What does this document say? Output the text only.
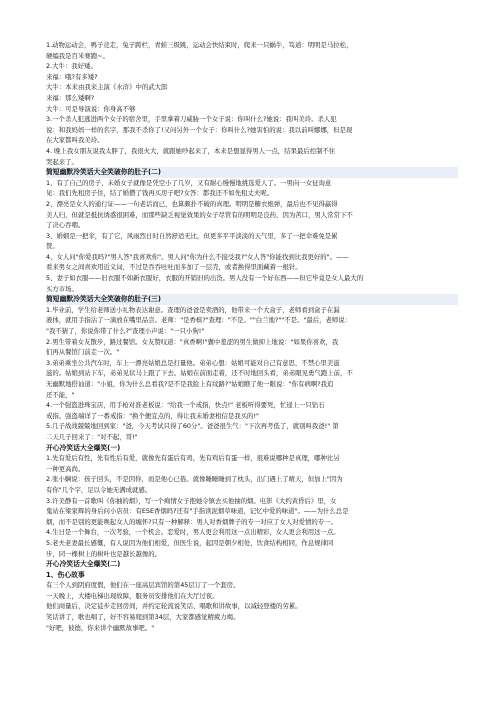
1.动物运动会，鸭子竞走，兔子跨栏，青蛙三级跳，运动会快结束时，爬来一只蜗牛，笃道：明明是马拉松，

硬编我是百米赛跑~。

2.大牛：我好矮。

来福：哦?有多矮?

大牛：本来由我来主演《水浒》中的武大郎

来福：那么矮啊?

大牛：可是导演说：你身高不够

3.一个杀人犯逃进两个女子的宿舍里，手里拿着刀威胁一个女子说：你叫什么?她说：我叫美玲。杀人犯

说：和我妈妈一样的名字，那我不杀你了!又问另外一个女子：你叫什么?她害怕的说：我以前叫娜娜，但是现

在大家都叫我美玲。

4. 晚上我女朋友说我太胖了，我很火大，就跟她吵起来了，本来是想显得男人一点，结果最后控制不住

哭起来了。

简短幽默冷笑话大全笑破你的肚子(二)

1、有了自己的房子，未婚女子就像是凭空小了几岁，又有耐心慢慢地挑选爱人了。一男向一女征询意

见：我们先租房子住，结了婚攒了钱再买房子吧?女答：都我还不如先租丈夫呢。

2、漂亮是女人的通行证——一句老话而已，也算颇扑不破的真理。明明是糖衣炮弹，最后也不见得赢得

美人归，但就是抵抗诱惑很困难，而那些缺乏视觉效果的女子尽管有的明明是良药，因为苦口，男人常常下不

了决心吞咽。

3、婚姻是一把伞，有了它，风雨烈日时自然舒适无比，但更多平平淡淡的天气里，多了一把伞难免是累

赘。

4、女人问"你爱我吗?"男人答"我喜欢你"。男人问"你为什么不接受我?"女人答"你能找到比我更好的"。——

看来男女之间喜欢用近义词，不过是吞吞吐吐而多加了一层壳，或者换得里面藏着一根针。

5、妻子如衣服——旧衣服不如新衣服好，衣服的开销旧的出货。男人没有一个好东西——但它毕竟是女人最大的

买方市场。

简短幽默冷笑话大全笑破你的肚子(三)

1.毕业前，学生给老师送小礼物表达谢意。查理的爸爸是卖酒的，他带来一个大盒子，老师看到盒子在漏

液体，就用手指沾了一滴放在嘴里品尝。老师："是香槟?"查理："不是。""白兰地?""不是。"最后，老师说：

"我不猜了，你说你带了什么?"查理小声说："一只小狗!"

2.男生带着女友散步，路过餐馆。女友赞叹道："真香啊!"囊中羞涩的男生做抑上地说："如果你喜欢，我

们再从餐馆门前走一次。"

3.弟弟乘坐公共汽车时，车上一漂亮姑娘总是打量他。弟弟心想：姑娘可能对自己有意思，不禁心里美滋

滋的。姑娘到站下车，弟弟见状马上跟了下去。姑娘在前面走着，还不时地回头看，弟弟眼见勇气跑上前，不

无幽默地搭讪道："小姐，你为什么总看我?是不是我脸上有纹路?"姑娘瞧了他一眼说："你有病啊?我追

还不能，"

4.一个强盗进珠宝店，用手枪对准老板说："给我一个戒指，快点!" 老板听得要死，忙递上一只钻石

戒指。强盗端详了一番戒指："换个便宜点的，得让我未婚妻相信是我买的!"

5.几子战战兢兢地回到家："爸，今天考试只得了60分"。爸爸很生气："下次再考低了，就别叫我爸!" 第

二天几子回来了："对不起，哥!"

开心冷笑话大全爆笑(一)

1.先有爱后有性，先有性后有爱，就像先有蛋后有鸡，先有鸡后有蛋一样，很难说哪种是真理，哪种比另

一种更高尚。

2.张小娴说：孩子回头，不是因你，而是他心已倦。就像睡睡睡到了枕头，出门遇上了晴天，但加上"因为

有你"几个字，足以令她无满成就感。

3.许美静有一首歌叫《你抽的烟》，写一个痴情女子抱她令镇去买他抽的烟。电影《大约黄昏后》里，女

鬼站在梁家辉的身后问小店员：有ESE香烟吗?还有"手指读泥烟草味道，记忆中爱的味道"。——为什么总是

烟，而不是别的更能唤起女人的缠怀?只有一种解释：男人对香烟牌子的专一对应了女人对爱情的专一。

4.生日是一个舞台，一次考验，一个机会。恋爱时，男人更会利用这一点出精彩，女人更会利用这一点。

5.老夫老妻最长感慨，有人说因为他们相爱，但医生说，起因是朝夕相处，饮食结构相同，作息规律同

步，同一棵树上的树叶也是越长越像的。

开心冷笑话大全爆笑(二)

1、伤心故事

有三个人到阴府度假，他们在一座高层宾馆的第45层订了一个套房。

一天晚上，大楼电梯出现故障，服务员安排他们在大厅过夜。

他们商量后，决定徒步走回房间，并约定轮流说笑话、唱歌和讲故事，以减轻登楼的劳累。

笑话讲了，歌也唱了，好不容易爬到第34层，大家都感觉精疲力竭。

"好吧，彼德，你来讲个幽默故事吧。"
